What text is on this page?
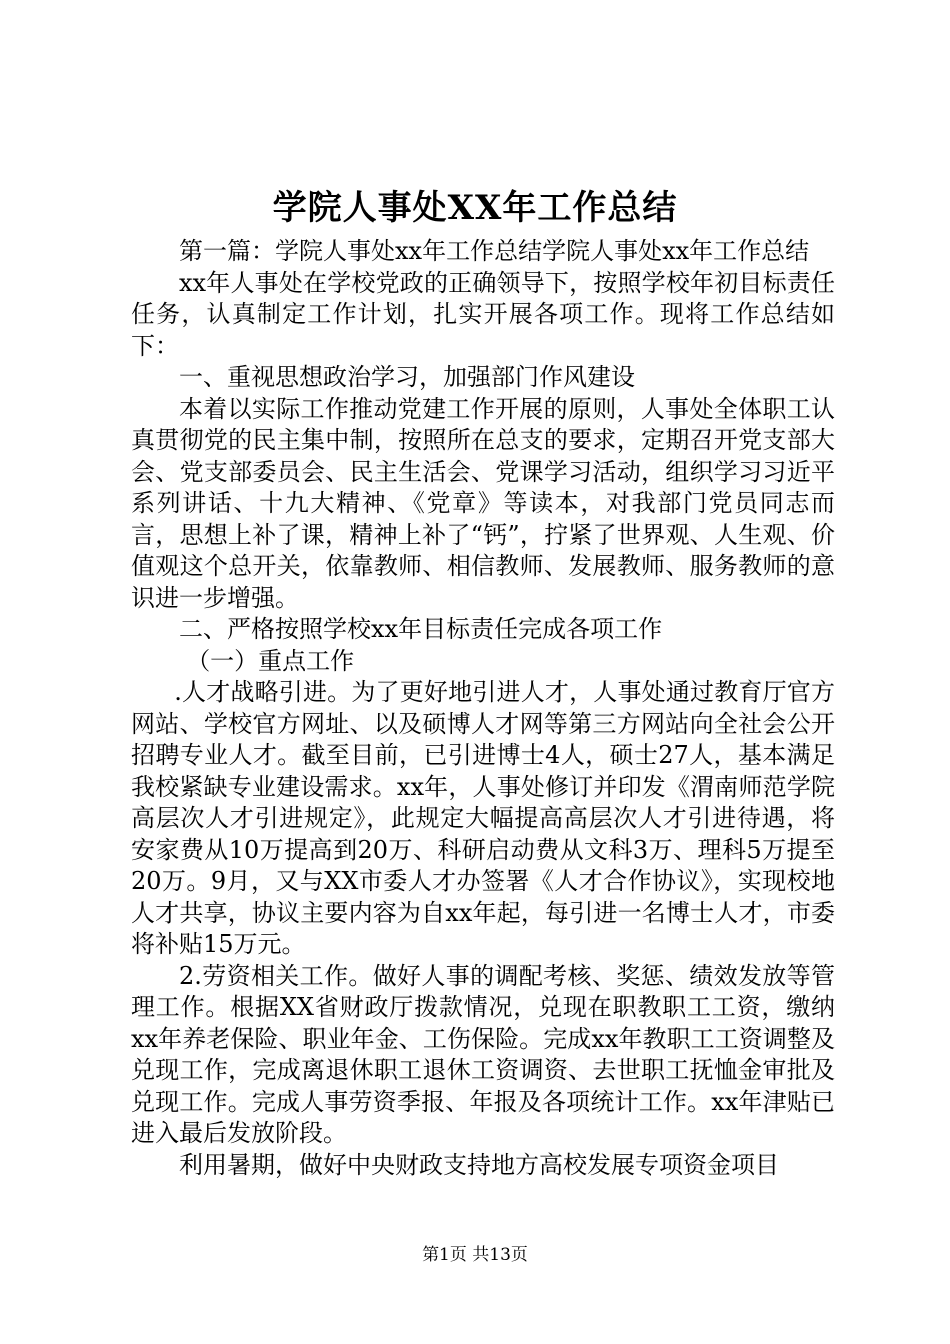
学院人事处XX年工作总结

第一篇：学院人事处xx年工作总结学院人事处xx年工作总结

xx年人事处在学校党政的正确领导下，按照学校年初目标责任任务，认真制定工作计划，扎实开展各项工作。现将工作总结如下：

一、重视思想政治学习，加强部门作风建设

本着以实际工作推动党建工作开展的原则，人事处全体职工认真贯彻党的民主集中制，按照所在总支的要求，定期召开党支部大会、党支部委员会、民主生活会、党课学习活动，组织学习习近平系列讲话、十九大精神、《党章》等读本，对我部门党员同志而言，思想上补了课，精神上补了“钙”，拧紧了世界观、人生观、价值观这个总开关，依靠教师、相信教师、发展教师、服务教师的意识进一步增强。

二、严格按照学校xx年目标责任完成各项工作

（一）重点工作

.人才战略引进。为了更好地引进人才，人事处通过教育厅官方网站、学校官方网址、以及硕博人才网等第三方网站向全社会公开招聘专业人才。截至目前，已引进博士4人，硕士27人，基本满足我校紧缺专业建设需求。xx年，人事处修订并印发《渭南师范学院高层次人才引进规定》，此规定大幅提高高层次人才引进待遇，将安家费从10万提高到20万、科研启动费从文科3万、理科5万提至20万。9月，又与XX市委人才办签署《人才合作协议》，实现校地人才共享，协议主要内容为自xx年起，每引进一名博士人才，市委将补贴15万元。

2.劳资相关工作。做好人事的调配考核、奖惩、绩效发放等管理工作。根据XX省财政厅拨款情况，兑现在职教职工工资，缴纳xx年养老保险、职业年金、工伤保险。完成xx年教职工工资调整及兑现工作，完成离退休职工退休工资调资、去世职工抚恤金审批及兑现工作。完成人事劳资季报、年报及各项统计工作。xx年津贴已进入最后发放阶段。

利用暑期，做好中央财政支持地方高校发展专项资金项目

第1页 共13页
